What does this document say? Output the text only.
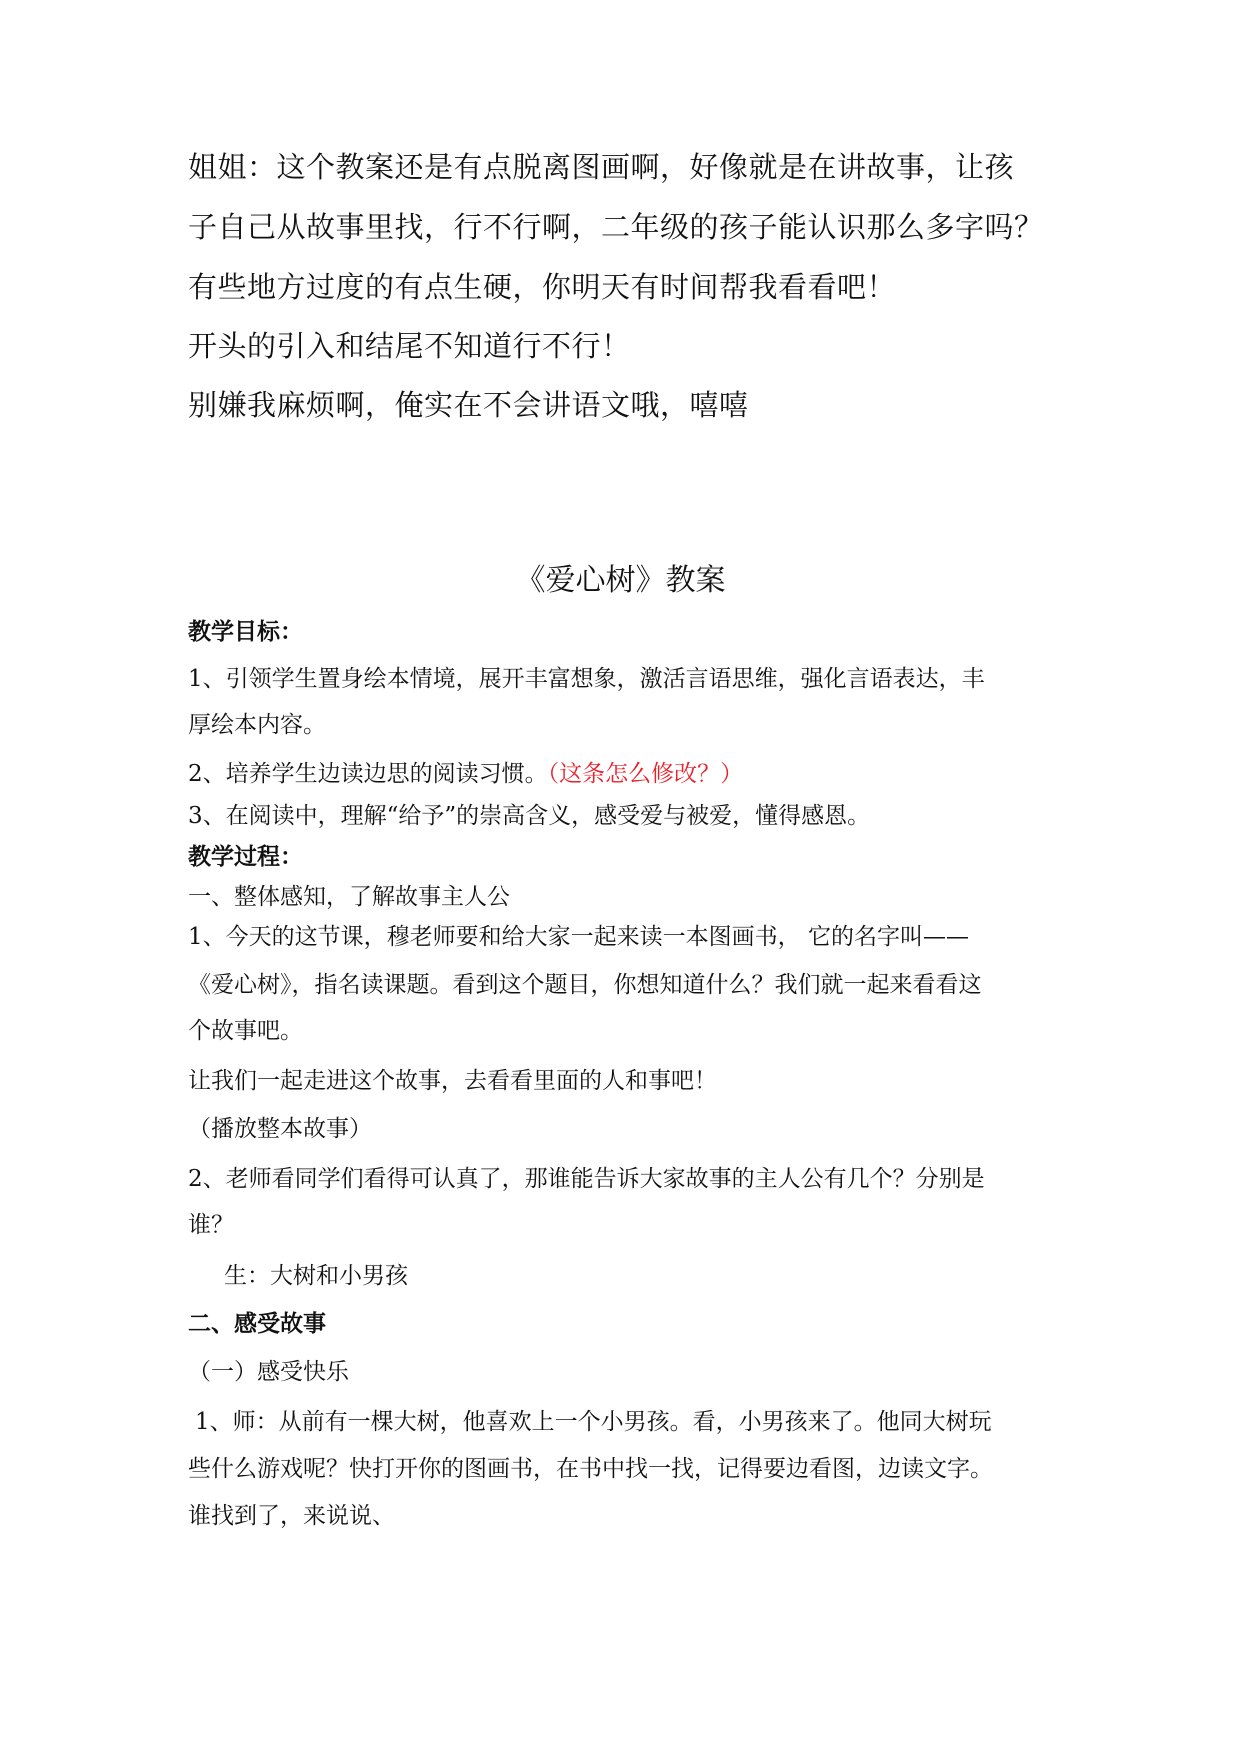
姐姐：这个教案还是有点脱离图画啊，好像就是在讲故事，让孩

子自己从故事里找，行不行啊，二年级的孩子能认识那么多字吗？

有些地方过度的有点生硬，你明天有时间帮我看看吧！

开头的引入和结尾不知道行不行！

别嫌我麻烦啊，俺实在不会讲语文哦，嘻嘻

《爱心树》教案

教学目标：

1、引领学生置身绘本情境，展开丰富想象，激活言语思维，强化言语表达，丰

厚绘本内容。

2、培养学生边读边思的阅读习惯。（这条怎么修改？）

3、在阅读中，理解“给予”的崇高含义，感受爱与被爱，懂得感恩。

教学过程：

一、整体感知，了解故事主人公

1、今天的这节课，穆老师要和给大家一起来读一本图画书， 它的名字叫——

《爱心树》，指名读课题。看到这个题目，你想知道什么？我们就一起来看看这

个故事吧。

让我们一起走进这个故事，去看看里面的人和事吧！

（播放整本故事）

2、老师看同学们看得可认真了，那谁能告诉大家故事的主人公有几个？分别是

谁？

生：大树和小男孩

二、感受故事

（一）感受快乐

1、师：从前有一棵大树，他喜欢上一个小男孩。看，小男孩来了。他同大树玩

些什么游戏呢？快打开你的图画书，在书中找一找，记得要边看图，边读文字。

谁找到了，来说说、
